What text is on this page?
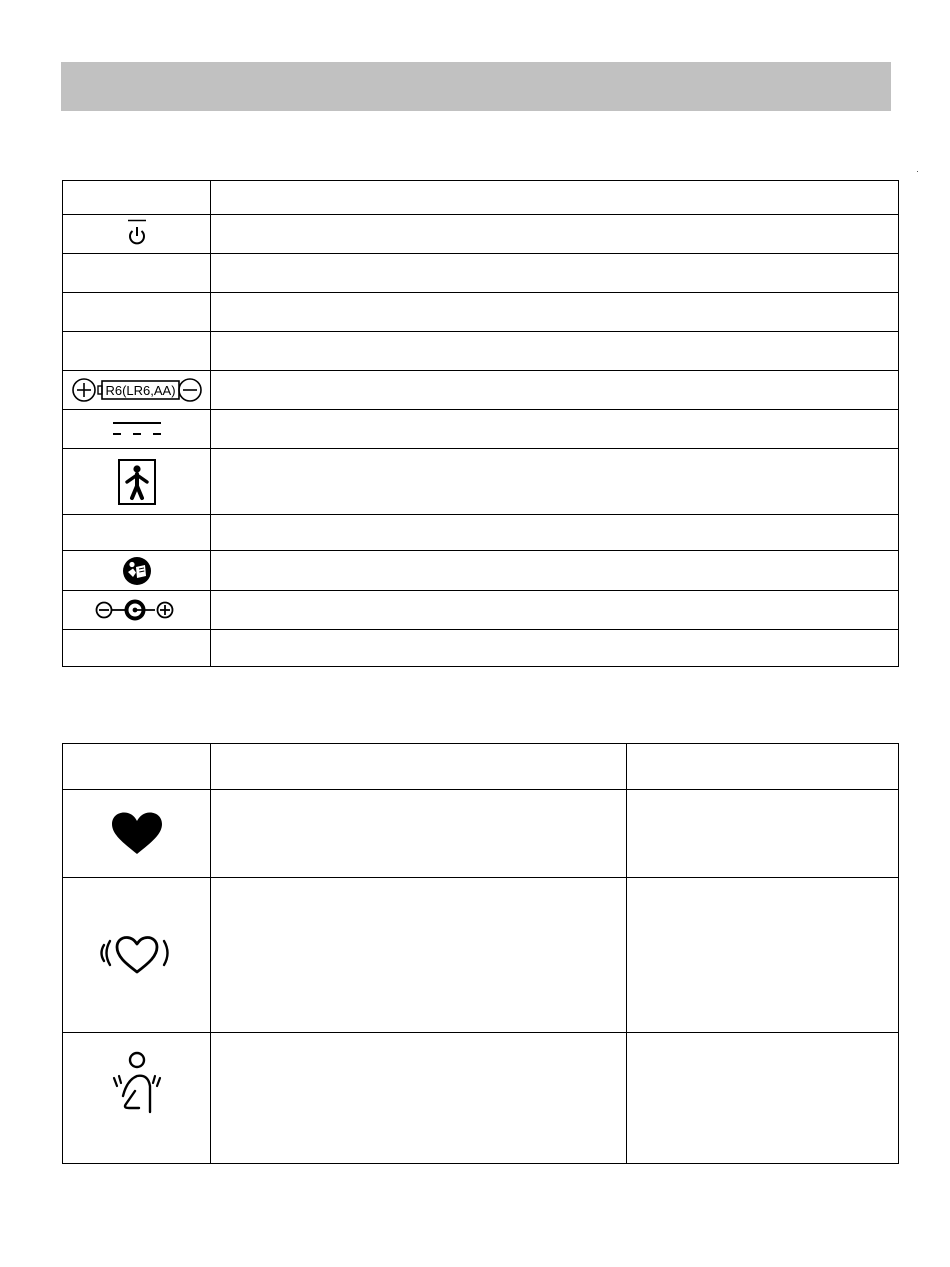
R6(LR6,AA)	
